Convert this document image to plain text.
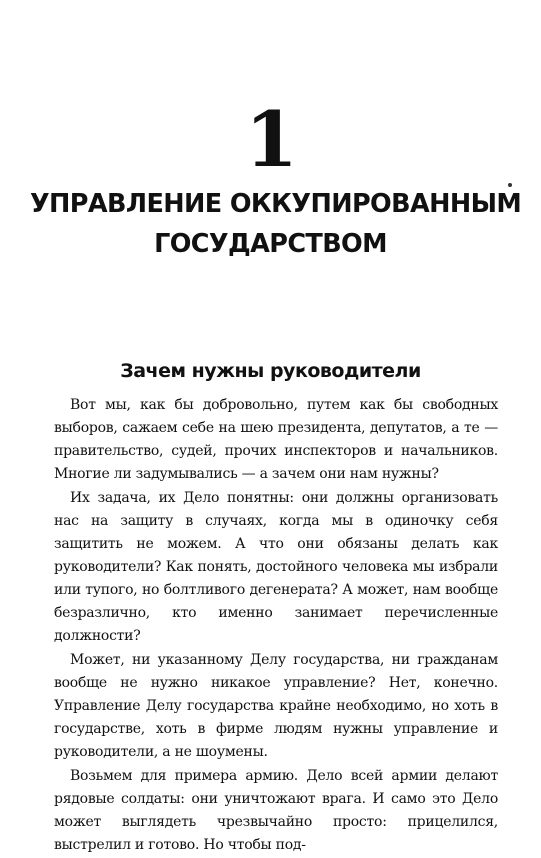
1
УПРАВЛЕНИЕ ОККУПИРОВАННЫМ
ГОСУДАРСТВОМ
Зачем нужны руководители

Вот мы, как бы добровольно, путем как бы свободных выборов, сажаем себе на шею президента, депутатов, а те — правительство, судей, прочих инспекторов и начальников. Многие ли задумывались — а зачем они нам нужны?

Их задача, их Дело понятны: они должны организовать нас на защиту в случаях, когда мы в одиночку себя защитить не можем. А что они обязаны делать как руководители? Как понять, достойного человека мы избрали или тупого, но болтливого дегенерата? А может, нам вообще безразлично, кто именно занимает перечисленные должности?

Может, ни указанному Делу государства, ни гражданам вообще не нужно никакое управление? Нет, конечно. Управление Делу государства крайне необходимо, но хоть в государстве, хоть в фирме людям нужны управление и руководители, а не шоумены.

Возьмем для примера армию. Дело всей армии делают рядовые солдаты: они уничтожают врага. И само это Дело может выглядеть чрезвычайно просто: прицелился, выстрелил и готово. Но чтобы под-
